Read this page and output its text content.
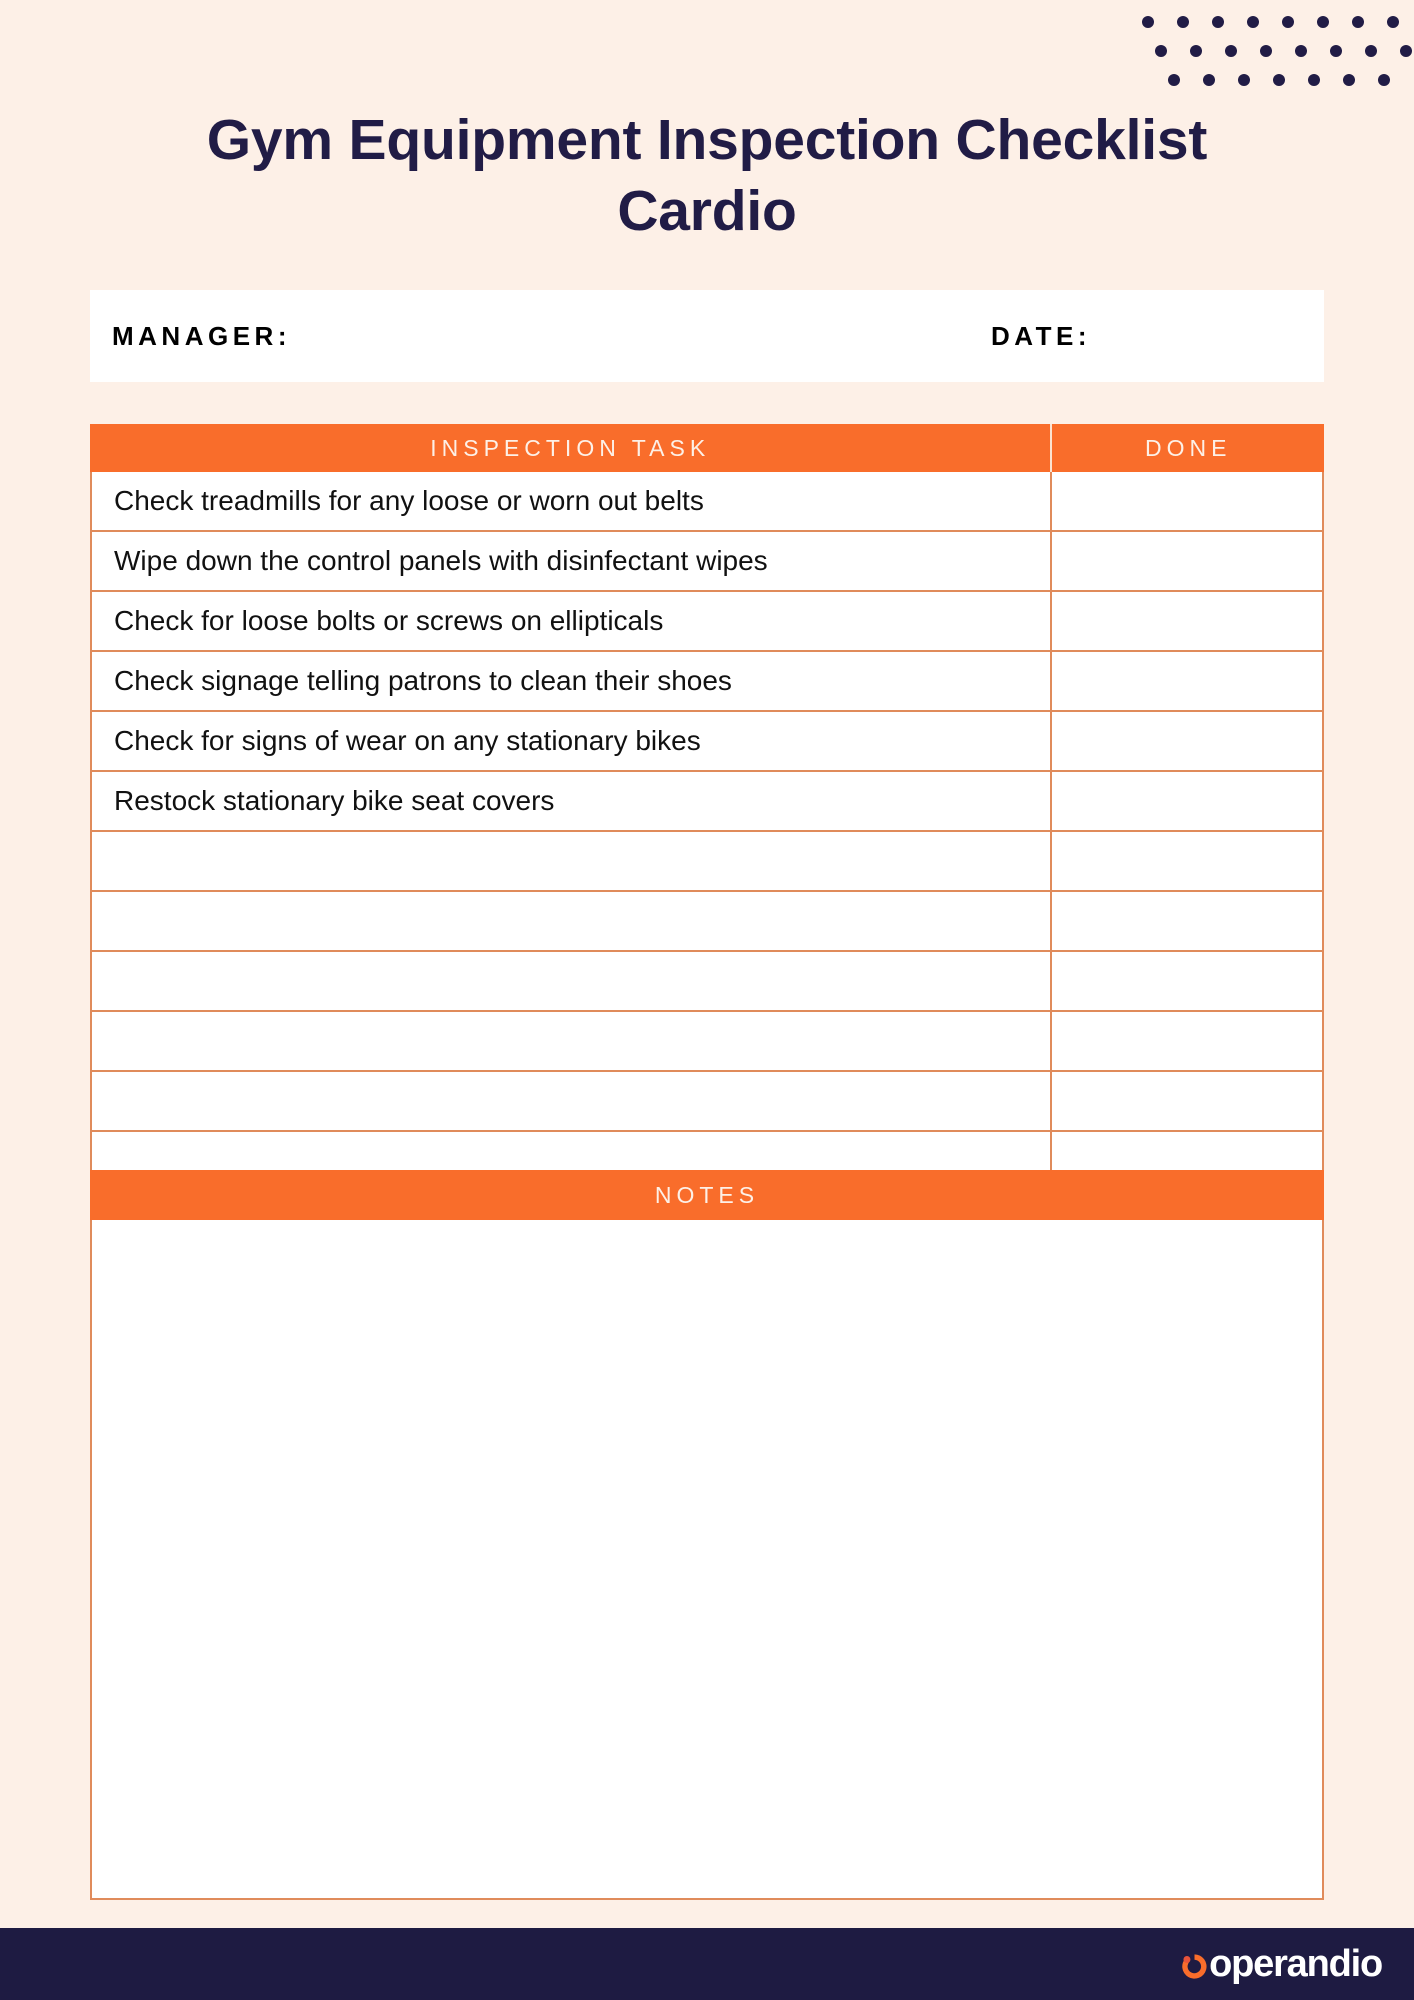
Gym Equipment Inspection Checklist
Cardio
MANAGER:	DATE:
INSPECTION TASK	DONE
Check treadmills for any loose or worn out belts
Wipe down the control panels with disinfectant wipes
Check for loose bolts or screws on ellipticals
Check signage telling patrons to clean their shoes
Check for signs of wear on any stationary bikes
Restock stationary bike seat covers
NOTES
operandio
